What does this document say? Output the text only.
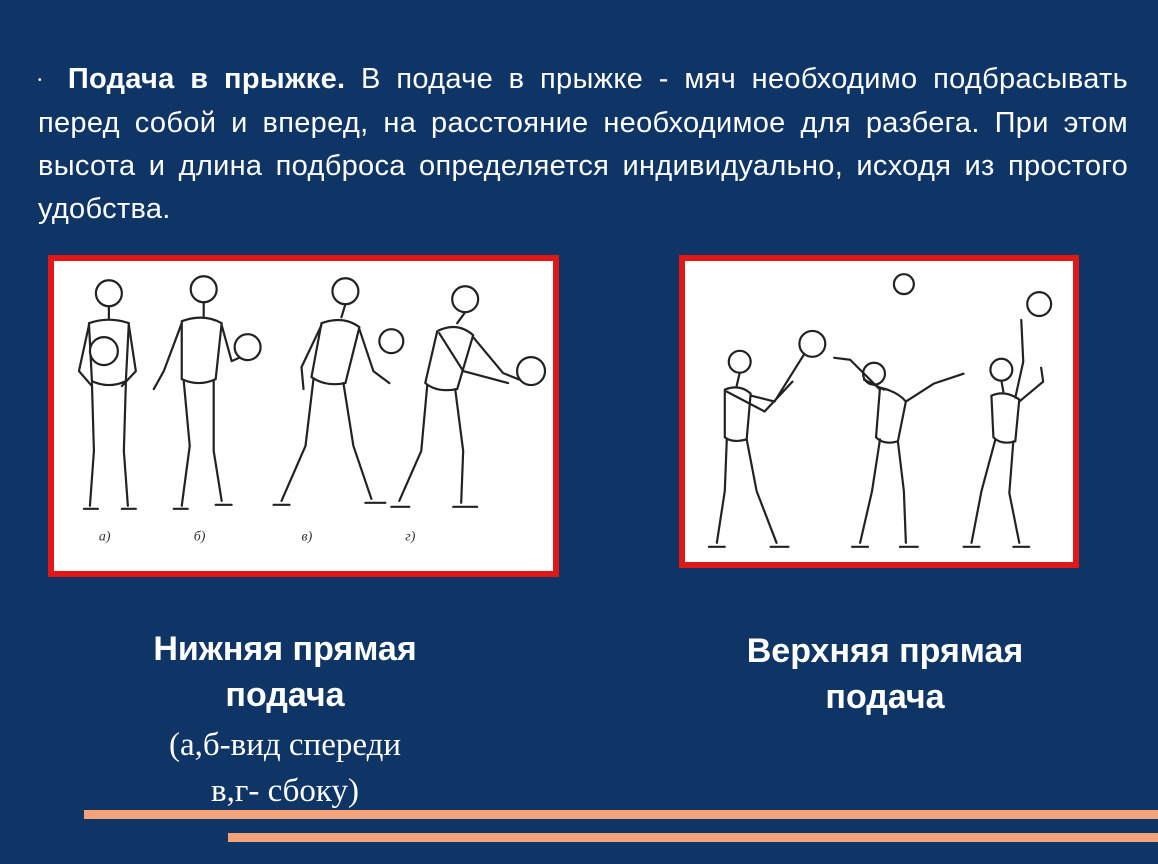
• Подача в прыжке. В подаче в прыжке - мяч необходимо подбрасывать перед собой и вперед, на расстояние необходимое для разбега. При этом высота и длина подброса определяется индивидуально, исходя из простого удобства.

а)	б)	в)	г)
Нижняя прямая подача
(а,б-вид спереди
в,г- сбоку)
Верхняя прямая подача
